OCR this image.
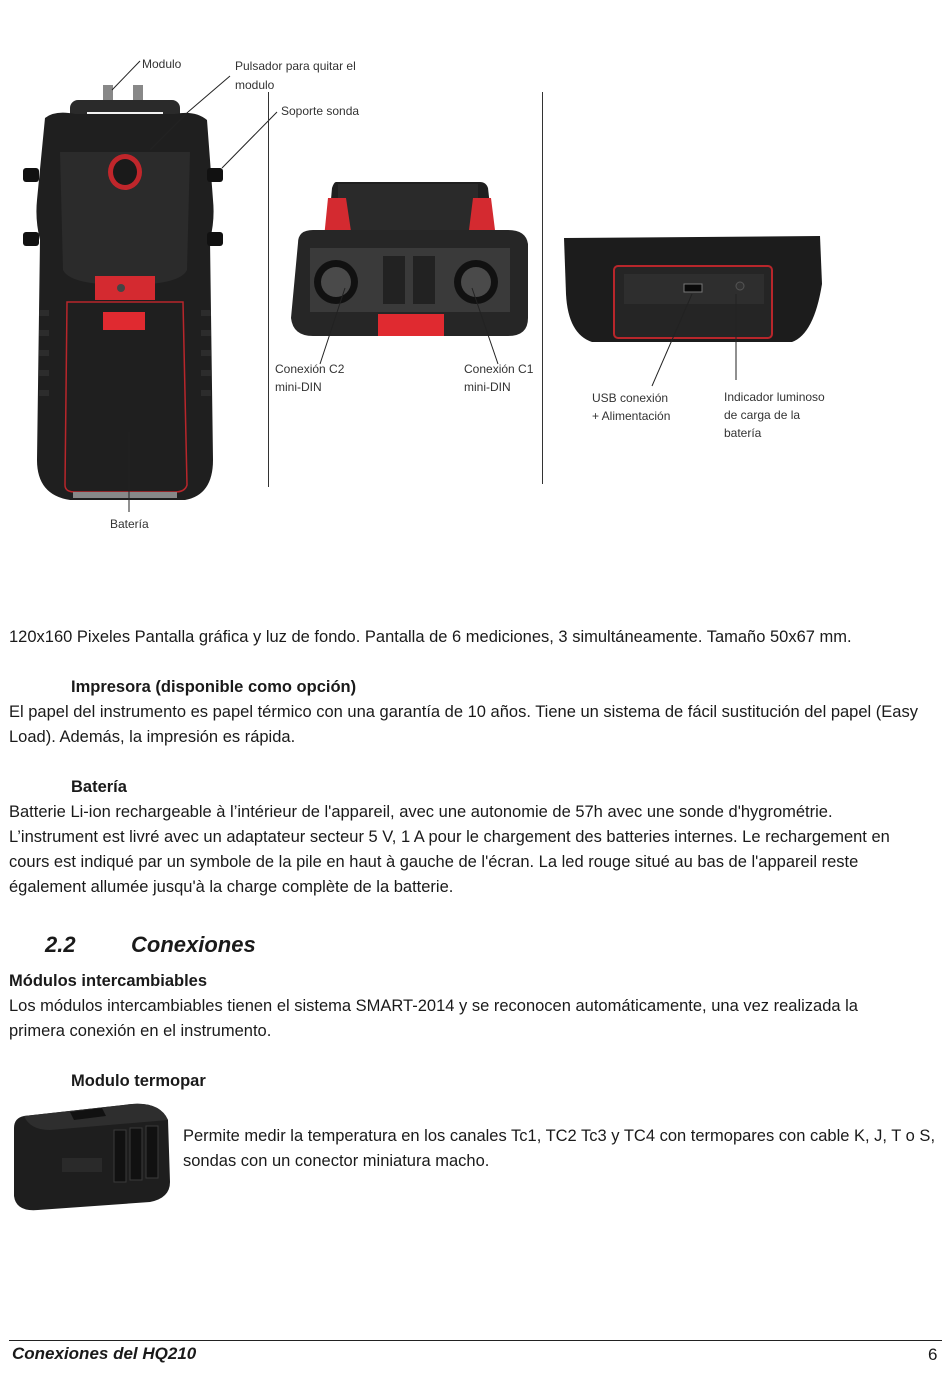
Modulo	Pulsador para quitar el
modulo
Soporte sonda
Batería
Conexión C2
mini-DIN
Conexión C1
mini-DIN
USB conexión
+ Alimentación
Indicador luminoso
de carga de la
batería
120x160 Pixeles Pantalla gráfica y luz de fondo. Pantalla de 6 mediciones, 3 simultáneamente. Tamaño 50x67 mm.
Impresora (disponible como opción)
El papel del instrumento es papel térmico con una garantía de 10 años. Tiene un sistema de fácil sustitución del papel (Easy
Load). Además, la impresión es rápida.
Batería
Batterie Li-ion rechargeable à l’intérieur de l'appareil, avec une autonomie de 57h avec une sonde d'hygrométrie.
L’instrument est livré avec un adaptateur secteur 5 V, 1 A pour le chargement des batteries internes. Le rechargement en
cours est indiqué par un symbole de la pile en haut à gauche de l'écran. La led rouge situé au bas de l'appareil reste
également allumée jusqu'à la charge complète de la batterie.
2.2	Conexiones
Módulos intercambiables
Los módulos intercambiables tienen el sistema SMART-2014 y se reconocen automáticamente, una vez realizada la
primera conexión en el instrumento.
Modulo termopar
Permite medir la temperatura en los canales Tc1, TC2 Tc3 y TC4 con termopares con cable K, J, T o S,
sondas con un conector miniatura macho.
Conexiones del HQ210	6
